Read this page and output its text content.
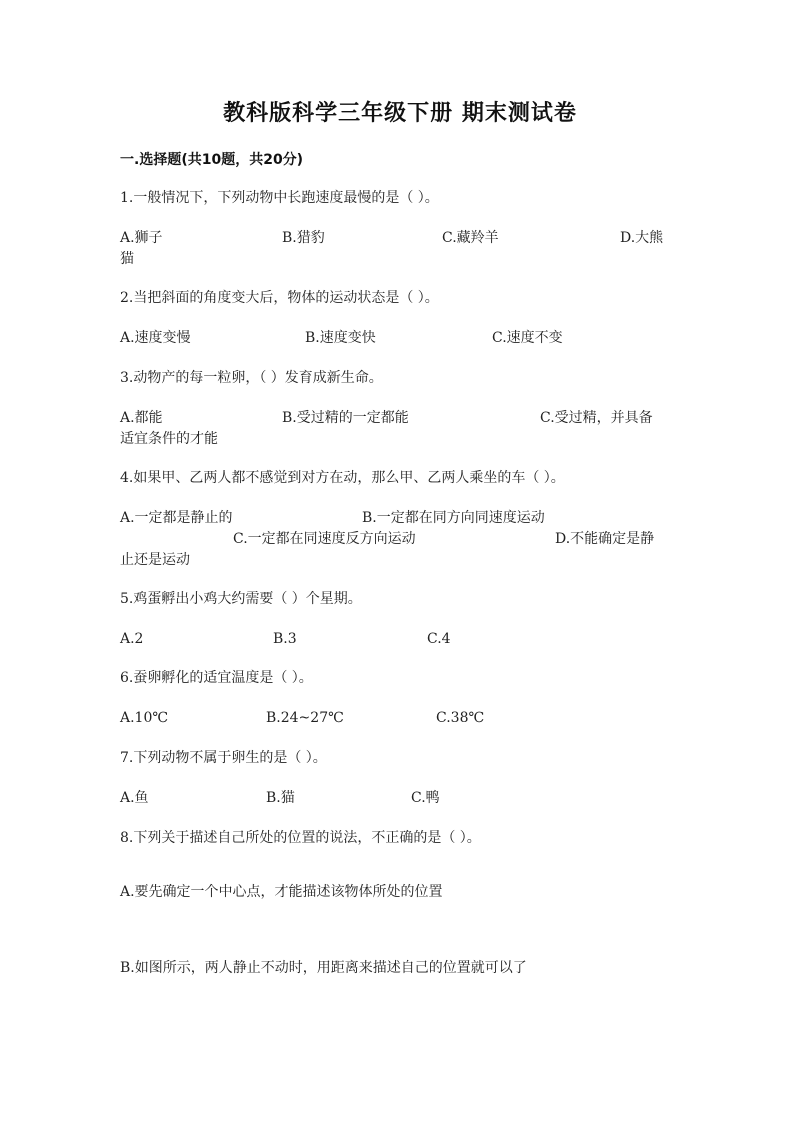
教科版科学三年级下册 期末测试卷
一.选择题(共10题，共20分)
1.一般情况下，下列动物中长跑速度最慢的是（ ）。
A.狮子	B.猎豹	C.藏羚羊	D.大熊
猫
2.当把斜面的角度变大后，物体的运动状态是（ ）。
A.速度变慢	B.速度变快	C.速度不变
3.动物产的每一粒卵，（ ）发育成新生命。
A.都能	B.受过精的一定都能	C.受过精，并具备
适宜条件的才能
4.如果甲、乙两人都不感觉到对方在动，那么甲、乙两人乘坐的车（ ）。
A.一定都是静止的	B.一定都在同方向同速度运动
C.一定都在同速度反方向运动	D.不能确定是静
止还是运动
5.鸡蛋孵出小鸡大约需要（ ）个星期。
A.2	B.3	C.4
6.蚕卵孵化的适宜温度是（ ）。
A.10℃	B.24~27℃	C.38℃
7.下列动物不属于卵生的是（ ）。
A.鱼	B.猫	C.鸭
8.下列关于描述自己所处的位置的说法，不正确的是（ ）。
A.要先确定一个中心点，才能描述该物体所处的位置
B.如图所示，两人静止不动时，用距离来描述自己的位置就可以了
